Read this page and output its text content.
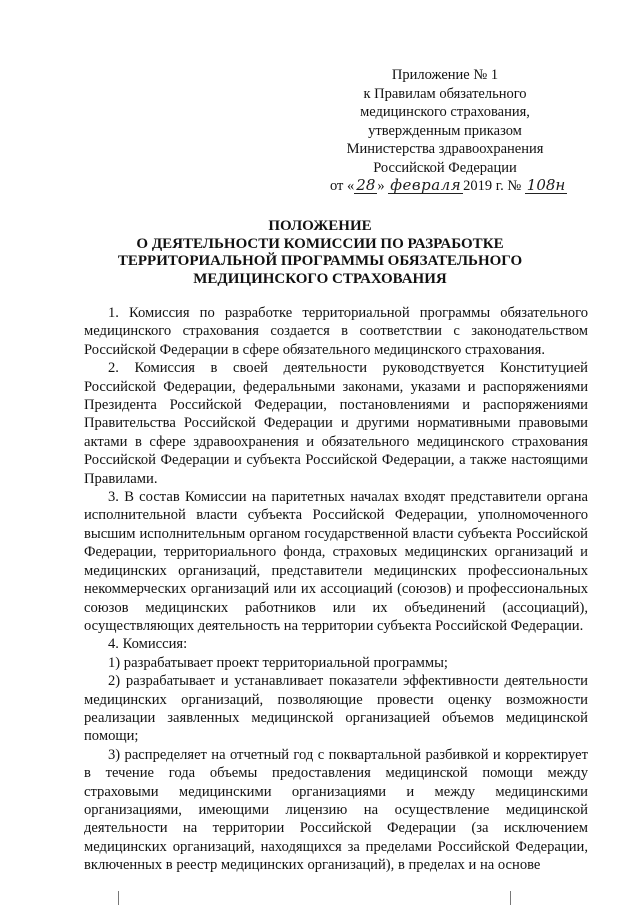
Приложение № 1
к Правилам обязательного
медицинского страхования,
утвержденным приказом
Министерства здравоохранения
Российской Федерации
от « 28 » февраля 2019 г. № 108н
ПОЛОЖЕНИЕ
О ДЕЯТЕЛЬНОСТИ КОМИССИИ ПО РАЗРАБОТКЕ
ТЕРРИТОРИАЛЬНОЙ ПРОГРАММЫ ОБЯЗАТЕЛЬНОГО
МЕДИЦИНСКОГО СТРАХОВАНИЯ

1. Комиссия по разработке территориальной программы обязательного медицинского страхования создается в соответствии с законодательством Российской Федерации в сфере обязательного медицинского страхования.

2. Комиссия в своей деятельности руководствуется Конституцией Российской Федерации, федеральными законами, указами и распоряжениями Президента Российской Федерации, постановлениями и распоряжениями Правительства Российской Федерации и другими нормативными правовыми актами в сфере здравоохранения и обязательного медицинского страхования Российской Федерации и субъекта Российской Федерации, а также настоящими Правилами.

3. В состав Комиссии на паритетных началах входят представители органа исполнительной власти субъекта Российской Федерации, уполномоченного высшим исполнительным органом государственной власти субъекта Российской Федерации, территориального фонда, страховых медицинских организаций и медицинских организаций, представители медицинских профессиональных некоммерческих организаций или их ассоциаций (союзов) и профессиональных союзов медицинских работников или их объединений (ассоциаций), осуществляющих деятельность на территории субъекта Российской Федерации.

4. Комиссия:

1) разрабатывает проект территориальной программы;

2) разрабатывает и устанавливает показатели эффективности деятельности медицинских организаций, позволяющие провести оценку возможности реализации заявленных медицинской организацией объемов медицинской помощи;

3) распределяет на отчетный год с поквартальной разбивкой и корректирует в течение года объемы предоставления медицинской помощи между страховыми медицинскими организациями и между медицинскими организациями, имеющими лицензию на осуществление медицинской деятельности на территории Российской Федерации (за исключением медицинских организаций, находящихся за пределами Российской Федерации, включенных в реестр медицинских организаций), в пределах и на основе
